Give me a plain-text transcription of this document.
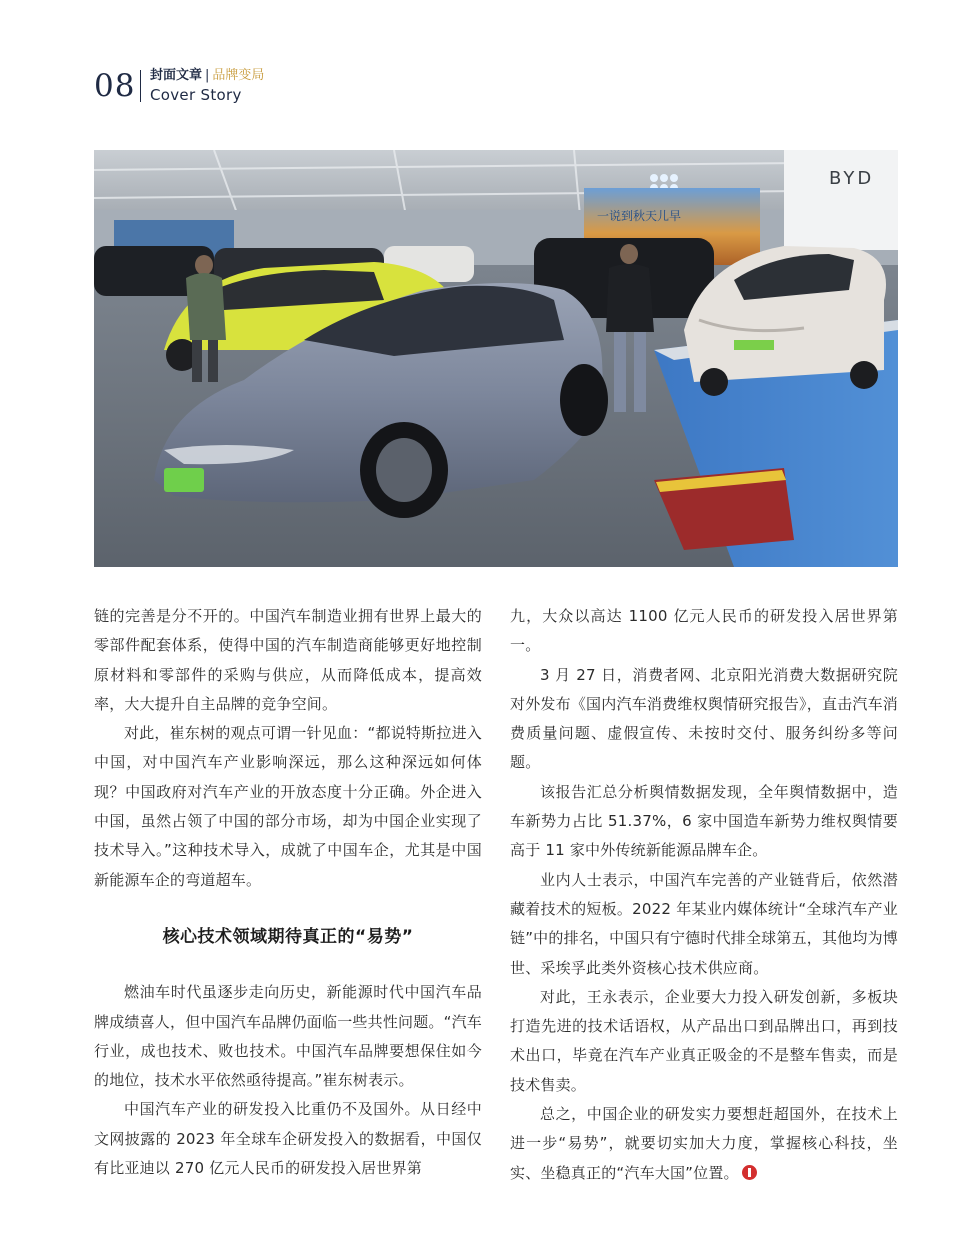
08 封面文章 | 品牌变局
Cover Story
BYD
一说到秋天儿早

链的完善是分不开的。中国汽车制造业拥有世界上最大的零部件配套体系，使得中国的汽车制造商能够更好地控制原材料和零部件的采购与供应，从而降低成本，提高效率，大大提升自主品牌的竞争空间。

对此，崔东树的观点可谓一针见血：“都说特斯拉进入中国，对中国汽车产业影响深远，那么这种深远如何体现？中国政府对汽车产业的开放态度十分正确。外企进入中国，虽然占领了中国的部分市场，却为中国企业实现了技术导入。”这种技术导入，成就了中国车企，尤其是中国新能源车企的弯道超车。

核心技术领域期待真正的“易势”

燃油车时代虽逐步走向历史，新能源时代中国汽车品牌成绩喜人，但中国汽车品牌仍面临一些共性问题。“汽车行业，成也技术、败也技术。中国汽车品牌要想保住如今的地位，技术水平依然亟待提高。”崔东树表示。

中国汽车产业的研发投入比重仍不及国外。从日经中文网披露的 2023 年全球车企研发投入的数据看，中国仅有比亚迪以 270 亿元人民币的研发投入居世界第

九，大众以高达 1100 亿元人民币的研发投入居世界第一。

3 月 27 日，消费者网、北京阳光消费大数据研究院对外发布《国内汽车消费维权舆情研究报告》，直击汽车消费质量问题、虚假宣传、未按时交付、服务纠纷多等问题。

该报告汇总分析舆情数据发现，全年舆情数据中，造车新势力占比 51.37%，6 家中国造车新势力维权舆情要高于 11 家中外传统新能源品牌车企。

业内人士表示，中国汽车完善的产业链背后，依然潜藏着技术的短板。2022 年某业内媒体统计“全球汽车产业链”中的排名，中国只有宁德时代排全球第五，其他均为博世、采埃孚此类外资核心技术供应商。

对此，王永表示，企业要大力投入研发创新，多板块打造先进的技术话语权，从产品出口到品牌出口，再到技术出口，毕竟在汽车产业真正吸金的不是整车售卖，而是技术售卖。

总之，中国企业的研发实力要想赶超国外，在技术上进一步“易势”，就要切实加大力度，掌握核心科技，坐实、坐稳真正的“汽车大国”位置。
